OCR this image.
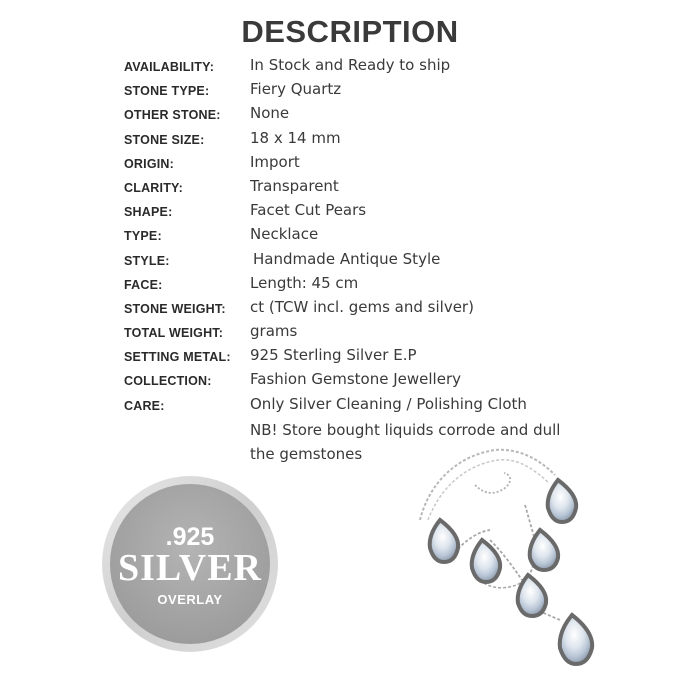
DESCRIPTION
AVAILABILITY: In Stock and Ready to ship
STONE TYPE:	Fiery Quartz
OTHER STONE: None
STONE SIZE:	18 x 14 mm
ORIGIN:	Import
CLARITY:	Transparent
SHAPE:	Facet Cut Pears
TYPE:	Necklace
STYLE:	Handmade Antique Style
FACE:	Length: 45 cm
STONE WEIGHT: ct (TCW incl. gems and silver)
TOTAL WEIGHT: grams
SETTING METAL: 925 Sterling Silver E.P
COLLECTION:	Fashion Gemstone Jewellery
CARE:	Only Silver Cleaning / Polishing Cloth
NB! Store bought liquids corrode and dull
the gemstones
.925
SILVER
OVERLAY
